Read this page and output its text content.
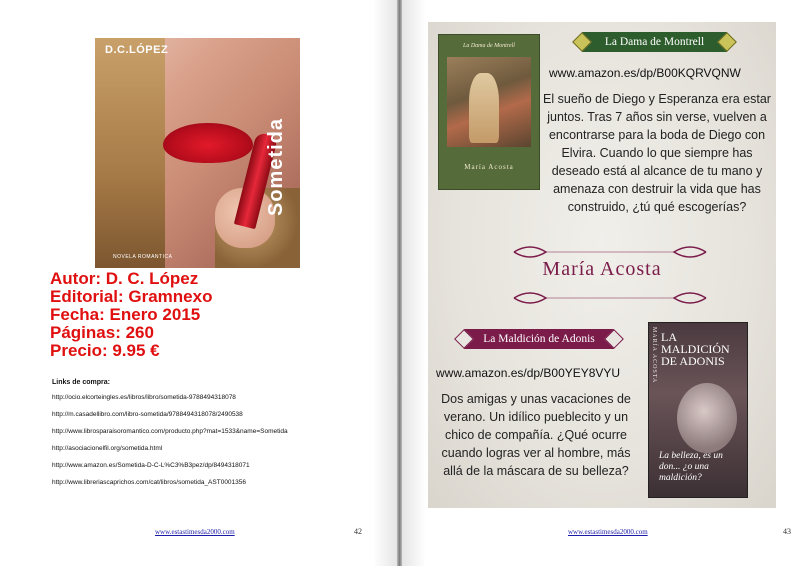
D.C.LÓPEZ
Sometida
NOVELA ROMANTICA
Autor: D. C. López
Editorial: Gramnexo
Fecha: Enero 2015
Páginas: 260
Precio: 9.95 €
Links de compra:
http://ocio.elcorteingles.es/libros/libro/sometida-9788494318078
http://m.casadellibro.com/libro-sometida/9788494318078/2490538
http://www.librosparaisoromantico.com/producto.php?mat=1533&name=Sometida
http://asociacionelfil.org/sometida.html
http://www.amazon.es/Sometida-D-C-L%C3%B3pez/dp/8494318071
http://www.libreriascaprichos.com/cat/libros/sometida_AST0001356
www.estastimesda2000.com	42
La Dama de Montrell
María Acosta
La Dama de Montrell
www.amazon.es/dp/B00KQRVQNW
El sueño de Diego y Esperanza era estar juntos. Tras 7 años sin verse, vuelven a encontrarse para la boda de Diego con Elvira. Cuando lo que siempre has deseado está al alcance de tu mano y amenaza con destruir la vida que has construido, ¿tú qué escogerías?
María Acosta
La Maldición de Adonis
www.amazon.es/dp/B00YEY8VYU
Dos amigas y unas vacaciones de verano. Un idílico pueblecito y un chico de compañía. ¿Qué ocurre cuando logras ver al hombre, más allá de la máscara de su belleza?
MARÍA ACOSTA LA MALDICIÓN DE ADONIS
La belleza, es un don... ¿o una maldición?
www.estastimesda2000.com	43
